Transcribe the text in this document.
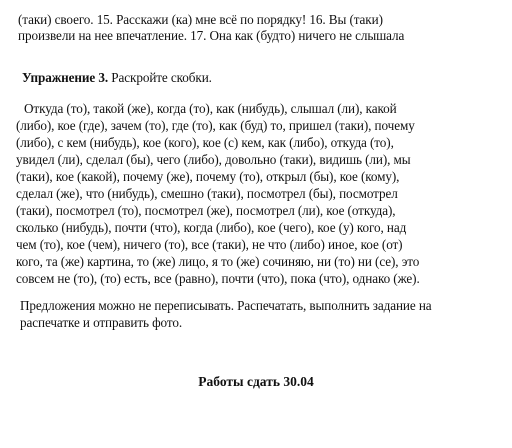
(таки) своего. 15. Расскажи (ка) мне всё по порядку! 16. Вы (таки)
произвели на нее впечатление. 17. Она как (будто) ничего не слышала
Упражнение 3. Раскройте скобки.
Откуда (то), такой (же), когда (то), как (нибудь), слышал (ли), какой
(либо), кое (где), зачем (то), где (то), как (буд) то, пришел (таки), почему
(либо), с кем (нибудь), кое (кого), кое (с) кем, как (либо), откуда (то),
увидел (ли), сделал (бы), чего (либо), довольно (таки), видишь (ли), мы
(таки), кое (какой), почему (же), почему (то), открыл (бы), кое (кому),
сделал (же), что (нибудь), смешно (таки), посмотрел (бы), посмотрел
(таки), посмотрел (то), посмотрел (же), посмотрел (ли), кое (откуда),
сколько (нибудь), почти (что), когда (либо), кое (чего), кое (у) кого, над
чем (то), кое (чем), ничего (то), все (таки), не что (либо) иное, кое (от)
кого, та (же) картина, то (же) лицо, я то (же) сочиняю, ни (то) ни (се), это
совсем не (то), (то) есть, все (равно), почти (что), пока (что), однако (же).
Предложения можно не переписывать. Распечатать, выполнить задание на
распечатке и отправить фото.
Работы сдать 30.04
